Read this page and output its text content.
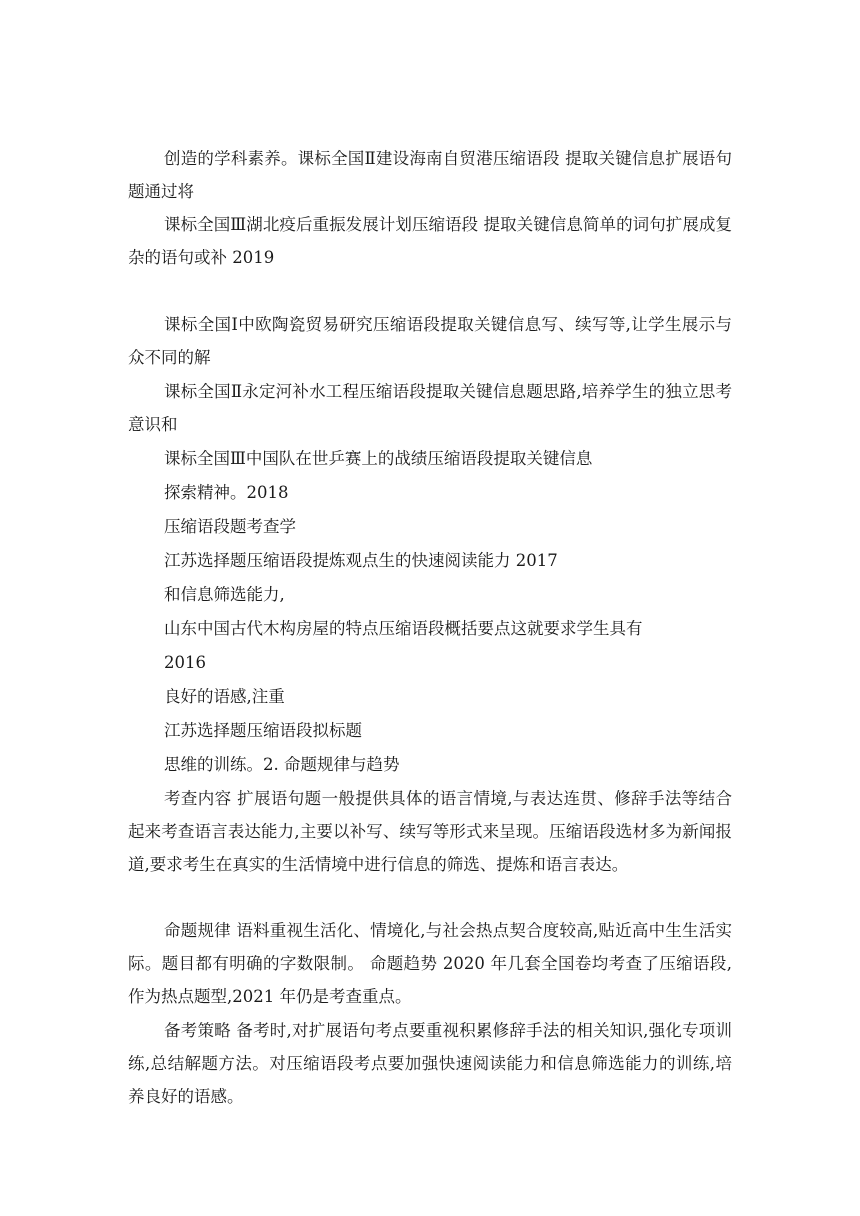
创造的学科素养。课标全国Ⅱ建设海南自贸港压缩语段 提取关键信息扩展语句题通过将

课标全国Ⅲ湖北疫后重振发展计划压缩语段 提取关键信息简单的词句扩展成复杂的语句或补 2019

课标全国Ⅰ中欧陶瓷贸易研究压缩语段提取关键信息写、续写等,让学生展示与众不同的解

课标全国Ⅱ永定河补水工程压缩语段提取关键信息题思路,培养学生的独立思考意识和

课标全国Ⅲ中国队在世乒赛上的战绩压缩语段提取关键信息

探索精神。2018

压缩语段题考查学

江苏选择题压缩语段提炼观点生的快速阅读能力 2017

和信息筛选能力,

山东中国古代木构房屋的特点压缩语段概括要点这就要求学生具有

2016

良好的语感,注重

江苏选择题压缩语段拟标题

思维的训练。2. 命题规律与趋势

考查内容 扩展语句题一般提供具体的语言情境,与表达连贯、修辞手法等结合起来考查语言表达能力,主要以补写、续写等形式来呈现。压缩语段选材多为新闻报道,要求考生在真实的生活情境中进行信息的筛选、提炼和语言表达。

命题规律 语料重视生活化、情境化,与社会热点契合度较高,贴近高中生生活实际。题目都有明确的字数限制。 命题趋势 2020 年几套全国卷均考查了压缩语段,作为热点题型,2021 年仍是考查重点。

备考策略 备考时,对扩展语句考点要重视积累修辞手法的相关知识,强化专项训练,总结解题方法。对压缩语段考点要加强快速阅读能力和信息筛选能力的训练,培养良好的语感。
